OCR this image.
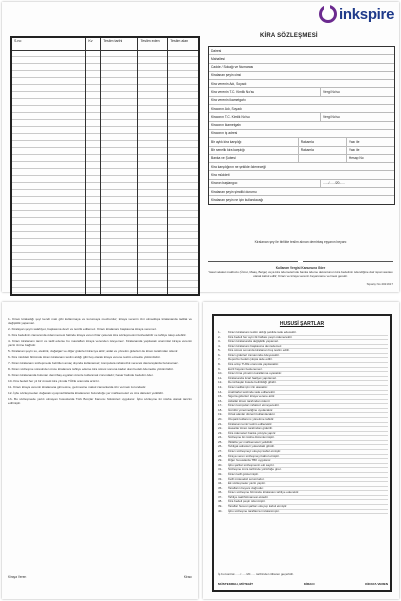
inkspire
S.no	Kv	Teslim tarihi	Teslim eden	Teslim alan
KİRA SÖZLEŞMESİ
Dairesi
Mahallesi
Cadde / Sokağı ve Numarası
Kiralanan şeyin cinsi
Kira verenin Adı, Soyadı
Kira verenin T.C. Kimlik No'su	Vergi No'su
Kira verenin ikametgahı
Kiracının Adı, Soyadı
Kiracının T.C. Kimlik No'su	Vergi No'su
Kiracının ikametgahı
Kiracının iş adresi
Bir aylık kira karşılığı	Rakamla	Yazı ile
Bir senelik kira karşılığı	Rakamla	Yazı ile
Banka ve Şubesi	Hesap No
Kira karşılığının ne şekilde ödeneceği
Kira müddeti
Kiranın başlangıcı	....../....../20......
Kiralanan şeyin şimdiki durumu
Kiralanan şeyin ne için kullanılacağı
Kiralanan şey ile birlikte teslim alınan demirbaş eşyanın beyanı
Kullanım Vergisi Kanununa Göre
Yasal vekalet makbuzu (Ücret, Maaş, Belge) veya kira ödemelerinde banka ödeme dekontunun kira bedelinin ödendiğine dair ispat vasıtası olarak kabul edilir; Kiracı ve kiraya verenin beyanname vermesi gerekir.
Sipariş No:4021917

1- Kiracı kiraladığı şeyi kendi malı gibi kullanmaya ve korumaya mecburdur; kiraya verenin izni olmadıkça kiralananda tadilat ve değişiklik yapamaz.

2- Kiralayan şeyin salahiyet, başkasına devir ve temlik edilemez. Kiracı kiralananı başkasına kiraya veremez.

3- Kira bedelinin zamanında ödenmemesi halinde kiraya veren ihtar çekerek kira sözleşmesini feshedebilir ve tahliye talep edebilir.

4- Kiracı kiralananı tamir ve tadil ederse bu masrafları kiraya verenden isteyemez. Kiralananda yapılacak onarımlar kiraya verenin yazılı iznine bağlıdır.

5- Kiralanan şeyin su, elektrik, doğalgaz ve diğer giderleri kiracıya aittir; aidat ve yönetim giderleri de kiracı tarafından ödenir.

6- Kira müddeti bitiminde kiracı kiralananı teslim aldığı gibi boş olarak kiraya verene teslim etmekle yükümlüdür.

7- Kiracı kiralananı sözleşmede belirtilen amaç dışında kullanamaz; komşulara rahatsızlık verecek davranışlarda bulunamaz.

8- Kiracı sözleşme süresinden önce kiralananı tahliye ederse kira süresi sonuna kadar olan bedeli ödemekle yükümlüdür.

9- Kiracı kiralananda bulunan demirbaş eşyaları özenle kullanmak zorundadır; hasar halinde bedelini öder.

10- Kira bedeli her yıl bir önceki kira yılında TÜFE oranında artırılır.

11- Kiracı kiraya verenin kiralanana girmesine, gezmesine makul zamanlarda izin vermek zorundadır.

12- İşbu sözleşmeden doğacak uyuşmazlıklarda kiralananın bulunduğu yer mahkemeleri ve icra daireleri yetkilidir.

13- Bu sözleşmede yazılı olmayan hususlarda Türk Borçlar Kanunu hükümleri uygulanır. İşbu sözleşme iki nüsha olarak tanzim edilmiştir.

Kiraya Veren	Kiracı
HUSUSİ ŞARTLAR
1-	Kiracı kiralananı teslim aldığı şekilde iade edecektir.
2-	Kira bedeli her ayın ilk haftası peşin ödenecektir.
3-	Kiracı kiralananda değişiklik yapamaz.
4-	Kiracı kiralananı başkasına devredemez.
5-	Kira süresi sonunda kiralanan boş teslim edilir.
6-	Kiracı giderleri zamanında ödeyecektir.
7-	Depozito bedeli çıkışta iade edilir.
8-	Kira artışı TÜFE oranında yapılacaktır.
9-	Evcil hayvan beslenemez.
10-	Kiracı bina yönetim kurallarına uyacaktır.
11-	Kiralananda ticari faaliyet yapılamaz.
12-	Demirbaşlar listede belirtildiği gibidir.
13-	Kiracı tadilat için izin alacaktır.
14-	Anahtarlar teslimde iade edilecektir.
15-	Sigorta giderleri kiraya verene aittir.
16-	Aidatlar kiracı tarafından ödenir.
17-	Kiracı komşuları rahatsız etmeyecektir.
18-	Gürültü yönetmeliğine uyulacaktır.
19-	Ortak alanlar düzenli kullanılacaktır.
20-	Otopark kullanımı yönetime tabidir.
21-	Kiralanan temiz teslim edilecektir.
22-	Hasarlar kiracı tarafından giderilir.
23-	Kira ödemeleri banka yoluyla yapılır.
24-	Sözleşme iki nüsha düzenlenmiştir.
25-	İhtilafta yer mahkemeleri yetkilidir.
26-	Tebligat adresleri yukarıdaki gibidir.
27-	Kiracı sözleşmeyi okuyup kabul etmiştir.
28-	Kiraya veren sözleşmeyi kabul etmiştir.
29-	Diğer hususlarda TBK uygulanır.
30-	İşbu şartlar sözleşmenin eki sayılır.
31-	Sözleşme imza tarihinde yürürlüğe girer.
32-	Kiracı kefil göstermiştir.
33-	Kefil müteselsil sorumludur.
34-	Ek sözleşmeler yazılı yapılır.
35-	Tarafların beyanı doğrudur.
36-	Kiracı sözleşme bitiminde kiralananı tahliye edecektir.
37-	Tahliye taahhütnamesi ektedir.
38-	Kira bedeli peşin ödenmiştir.
39-	Taraflar hususi şartları okuyup kabul etmiştir.
40-	İşbu sözleşme taraflarca imzalanmıştır.
İş bu kontrat ....../....../20...... tarihinden itibaren geçerlidir.
MÜSTEKREH, MÜTEHİT	KİRACI	KİRAYA VEREN
